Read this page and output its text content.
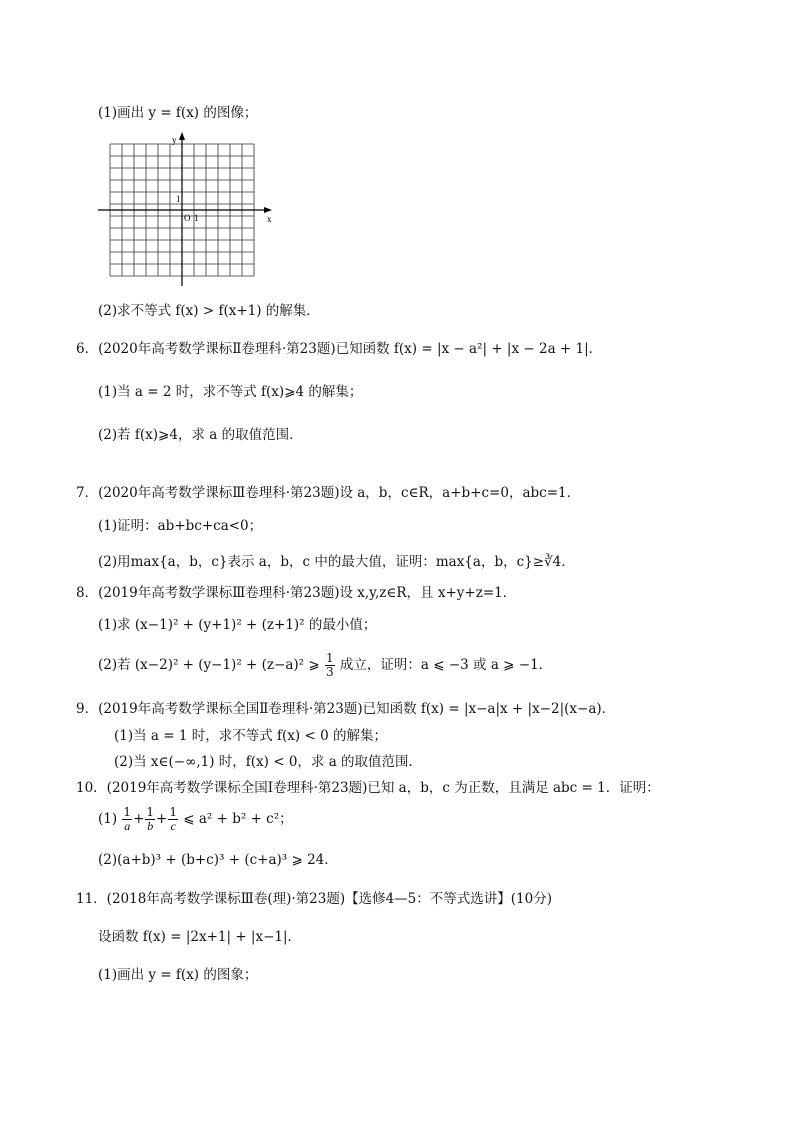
(1)画出 y = f(x) 的图像；
y
x
O 1
1
(2)求不等式 f(x) > f(x+1) 的解集．
6．(2020年高考数学课标Ⅱ卷理科·第23题)已知函数 f(x) = |x − a²| + |x − 2a + 1|．
(1)当 a = 2 时，求不等式 f(x)⩾4 的解集；
(2)若 f(x)⩾4，求 a 的取值范围．
7．(2020年高考数学课标Ⅲ卷理科·第23题)设 a，b，c∈R，a+b+c=0，abc=1．
(1)证明：ab+bc+ca<0；
(2)用max{a，b，c}表示 a，b，c 中的最大值，证明：max{a，b，c}≥∛4．
8．(2019年高考数学课标Ⅲ卷理科·第23题)设 x,y,z∈R，且 x+y+z=1．
(1)求 (x−1)² + (y+1)² + (z+1)² 的最小值；
(2)若 (x−2)² + (y−1)² + (z−a)² ⩾ $\frac{1}{3}$ 成立，证明：a ⩽ −3 或 a ⩾ −1．
9．(2019年高考数学课标全国Ⅱ卷理科·第23题)已知函数 f(x) = |x−a|x + |x−2|(x−a)．
(1)当 a = 1 时，求不等式 f(x) < 0 的解集；
(2)当 x∈(−∞,1) 时，f(x) < 0，求 a 的取值范围．
10．(2019年高考数学课标全国Ⅰ卷理科·第23题)已知 a，b，c 为正数，且满足 abc = 1．证明：
$(1) \frac{1}{a} + \frac{1}{b} + \frac{1}{c}$ ⩽ a² + b² + c²；
(2)(a+b)³ + (b+c)³ + (c+a)³ ⩾ 24．
11．(2018年高考数学课标Ⅲ卷(理)·第23题)【选修4—5：不等式选讲】(10分)
设函数 f(x) = |2x+1| + |x−1|．
(1)画出 y = f(x) 的图象；
